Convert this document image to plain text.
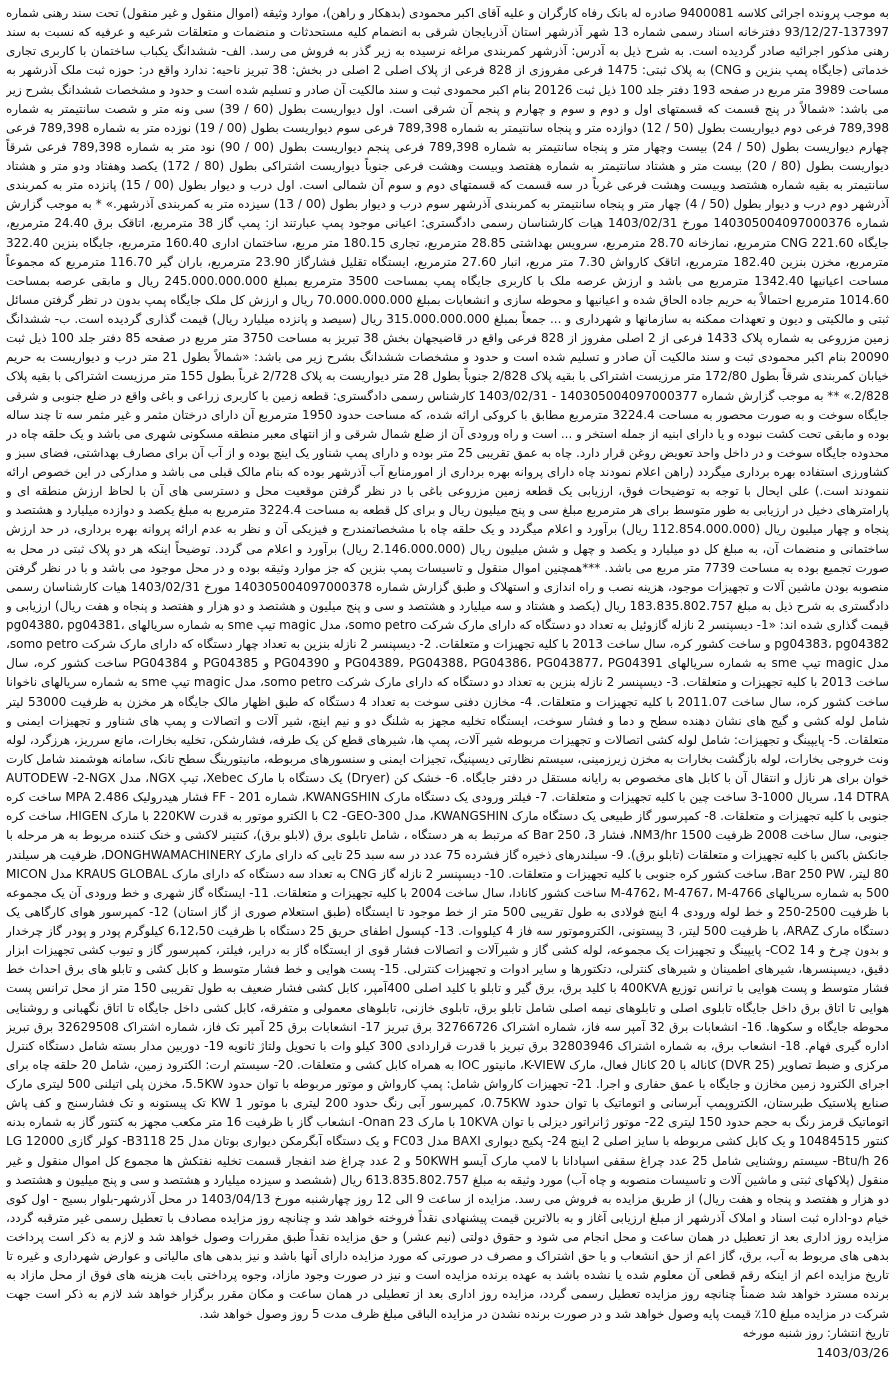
به موجب پرونده اجرائی کلاسه 9400081 صادره له بانک رفاه کارگران و علیه آقای اکبر محمودی (بدهکار و راهن)، موارد وثیقه (اموال منقول و غیر منقول) تحت سند رهنی شماره 137397-93/12/27 دفترخانه اسناد رسمی شماره 13 شهر آذرشهر استان آذربایجان شرقی به انضمام کلیه مستحدثات و منضمات و متعلقات شرعیه و عرفیه که نسبت به سند رهنی مذکور اجرائیه صادر گردیده است. به شرح ذیل به آدرس: آذرشهر کمربندی مراغه نرسیده به زیر گذر به فروش می رسد. الف- ششدانگ یکباب ساختمان با کاربری تجاری خدماتی (جایگاه پمپ بنزین و CNG) به پلاک ثبتی: 1475 فرعی مفروزی از 828 فرعی از پلاک اصلی 2 اصلی در بخش: 38 تبریز ناحیه: ندارد واقع در: حوزه ثبت ملک آذرشهر به مساحت 3989 متر مربع در صفحه 193 دفتر جلد 100 ذیل ثبت 20126 بنام اکبر محمودی ثبت و سند مالکیت آن صادر و تسلیم شده است و حدود و مشخصات ششدانگ بشرح زیر می باشد: «شمالاً در پنج قسمت که قسمتهای اول و دوم و سوم و چهارم و پنجم آن شرقی است. اول دیواریست بطول (60 / 39) سی ونه متر و شصت سانتیمتر به شماره 789,398 فرعی دوم دیواریست بطول (50 / 12) دوازده متر و پنجاه سانتیمتر به شماره 789,398 فرعی سوم دیواریست بطول (00 / 19) نوزده متر به شماره 789,398 فرعی چهارم دیواریست بطول (50 / 24) بیست وچهار متر و پنجاه سانتیمتر به شماره 789,398 فرعی پنجم دیواریست بطول (00 / 90) نود متر به شماره 789,398 فرعی شرقاً دیواریست بطول (80 / 20) بیست متر و هشتاد سانتیمتر به شماره هفتصد وبیست وهشت فرعی جنوباً دیواریست اشتراکی بطول (80 / 172) یکصد وهفتاد ودو متر و هشتاد سانتیمتر به بقیه شماره هشتصد وبیست وهشت فرعی غرباً در سه قسمت که قسمتهای دوم و سوم آن شمالی است. اول درب و دیوار بطول (00 / 15) پانزده متر به کمربندی آذرشهر دوم درب و دیوار بطول (50 / 4) چهار متر و پنجاه سانتیمتر به کمربندی آذرشهر سوم درب و دیوار بطول (00 / 13) سیزده متر به کمربندی آذرشهر.» * به موجب گزارش شماره 140305004097000376 مورخ 1403/02/31 هیات کارشناسان رسمی دادگستری: اعیانی موجود پمپ عبارتند از: پمپ گاز 38 مترمربع، اتاقک برق 24.40 مترمربع، جایگاه CNG 221.60 مترمربع، نمازخانه 28.70 مترمربع، سرویس بهداشتی 28.85 مترمربع، تجاری 180.15 متر مربع، ساختمان اداری 160.40 مترمربع، جایگاه بنزین 322.40 مترمربع، مخزن بنزین 182.40 مترمربع، اتاقک کارواش 7.30 متر مربع، انبار 27.60 مترمربع، ایستگاه تقلیل فشارگاز 23.90 مترمربع، باران گیر 116.70 مترمربع که مجموعاً مساحت اعیانیها 1342.40 مترمربع می باشد و ارزش عرصه ملک با کاربری جایگاه پمپ بمساحت 3500 مترمربع بمبلغ 245.000.000.000 ریال و مابقی عرصه بمساحت 1014.60 مترمربع احتمالاً به حریم جاده الحاق شده و اعیانیها و محوطه سازی و انشعابات بمبلغ 70.000.000.000 ریال و ارزش کل ملک جایگاه پمپ بدون در نظر گرفتن مسائل ثبتی و مالکیتی و دیون و تعهدات ممکنه به سازمانها و شهرداری و ... جمعاً بمبلغ 315.000.000.000 ریال (سیصد و پانزده میلیارد ریال) قیمت گذاری گردیده است. ب- ششدانگ زمین مزروعی به شماره پلاک 1433 فرعی از 2 اصلی مفروز از 828 فرعی واقع در قاضیجهان بخش 38 تبریز به مساحت 3750 متر مربع در صفحه 85 دفتر جلد 100 ذیل ثبت 20090 بنام اکبر محمودی ثبت و سند مالکیت آن صادر و تسلیم شده است و حدود و مشخصات ششدانگ بشرح زیر می باشد: «شمالاً بطول 21 متر درب و دیواریست به حریم خیابان کمربندی شرقاً بطول 172/80 متر مرزیست اشتراکی با بقیه پلاک 2/828 جنوباً بطول 28 متر دیواریست به پلاک 2/728 غرباً بطول 155 متر مرزیست اشتراکی با بقیه پلاک 2/828.» ** به موجب گزارش شماره 140305004097000377 - 1403/02/31 کارشناس رسمی دادگستری: قطعه زمین با کاربری زراعی و باغی واقع در ضلع جنوبی و شرقی جایگاه سوخت و به صورت محصور به مساحت 3224.4 مترمربع مطابق با کروکی ارائه شده، که مساحت حدود 1950 مترمربع آن دارای درختان مثمر و غیر مثمر سه تا چند ساله بوده و مابقی تحت کشت نبوده و یا دارای ابنیه از جمله استخر و ... است و راه ورودی آن از ضلع شمال شرقی و از انتهای معبر منطقه مسکونی شهری می باشد و یک حلقه چاه در محدوده جایگاه سوخت و در داخل واحد تعویض روغن قرار دارد. چاه به عمق تقریبی 25 متر بوده و دارای پمپ شناور یک اینچ بوده و از آب آن برای مصارف بهداشتی، فضای سبز و کشاورزی استفاده بهره برداری میگردد (راهن اعلام نمودند چاه دارای پروانه بهره برداری از امورمنابع آب آذرشهر بوده که بنام مالک قبلی می باشد و مدارکی در این خصوص ارائه ننمودند است.) علی ایحال با توجه به توضیحات فوق، ارزیابی یک قطعه زمین مزروعی باغی با در نظر گرفتن موقعیت محل و دسترسی های آن با لحاظ ارزش منطقه ای و پارامترهای دخیل در ارزیابی به طور متوسط برای هر مترمربع مبلغ سی و پنج میلیون ریال و برای کل قطعه به مساحت 3224.4 مترمربع به مبلغ یکصد و دوازده میلیارد و هشتصد و پنجاه و چهار میلیون ریال (112.854.000.000 ریال) برآورد و اعلام میگردد و یک حلقه چاه با مشخصاتمندرج و فیزیکی آن و نظر به عدم ارائه پروانه بهره برداری، در حد ارزش ساختمانی و منضمات آن، به مبلغ کل دو میلیارد و یکصد و چهل و شش میلیون ریال (2.146.000.000 ریال) برآورد و اعلام می گردد. توضیحاً اینکه هر دو پلاک ثبتی در محل به صورت تجمیع بوده به مساحت 7739 متر مربع می باشد. ***همچنین اموال منقول و تاسیسات پمپ بنزین که جز موارد وثیقه بوده و در محل موجود می باشد و با در نظر گرفتن منصوبه بودن ماشین آلات و تجهیزات موجود، هزینه نصب و راه اندازی و استهلاک و طبق گزارش شماره 140305004097000378 مورخ 1403/02/31 هیات کارشناسان رسمی دادگستری به شرح ذیل به مبلغ 183.835.802.757 ریال (یکصد و هشتاد و سه میلیارد و هشتصد و سی و پنج میلیون و هشتصد و دو هزار و هفتصد و پنجاه و هفت ریال) ارزیابی و قیمت گذاری شده اند: «1- دیسپنسر 2 نازله گازوئیل به تعداد دو دستگاه که دارای مارک شرکت somo petro، مدل magic تیپ sme به شماره سریالهای pg04380، pg04381، pg04383، pg04382 و ساخت کشور کره، سال ساخت 2013 با کلیه تجهیزات و متعلقات. 2- دیسپنسر 2 نازله بنزین به تعداد چهار دستگاه که دارای مارک شرکت somo petro، مدل magic تیپ sme به شماره سریالهای PG04389، PG04388، PG04386، PG043877، PG04391 و PG04390 و PG04385 و PG04384 ساخت کشور کره، سال ساخت 2013 با کلیه تجهیزات و متعلقات. 3- دیسپنسر 2 نازله بنزین به تعداد دو دستگاه که دارای مارک شرکت somo petro، مدل magic تیپ sme به شماره سریالهای ناخوانا ساخت کشور کره، سال ساخت 2011.07 با کلیه تجهیزات و متعلقات. 4- مخازن دفنی سوخت به تعداد 4 دستگاه که طبق اظهار مالک جایگاه هر مخزن به ظرفیت 53000 لیتر شامل لوله کشی و گیج های نشان دهنده سطح و دما و فشار سوخت، ایستگاه تخلیه مجهز به شلنگ دو و نیم اینچ، شیر آلات و اتصالات و پمپ های شناور و تجهیزات ایمنی و متعلقات. 5- پایپینگ و تجهیزات: شامل لوله کشی اتصالات و تجهیزات مربوطه شیر آلات، پمپ ها، شیرهای قطع کن یک طرفه، فشارشکن، تخلیه بخارات، مانع سرریز، هرزگرد، لوله ونت خروجی بخارات، لوله بازگشت بخارات به مخزن زیرزمینی، سیستم نظارتی دیسپنیگ، تجیزات ایمنی و سنسورهای مربوطه، مانیتورینگ سطح تانک، سامانه هوشمند شامل کارت خوان برای هر نازل و انتقال آن با کابل های مخصوص به رایانه مستقل در دفتر جایگاه. 6- خشک کن (Dryer) یک دستگاه با مارک Xebec، تیپ NGX، مدل AUTODEW -2-NGX 14 DTRA، سریال 1000-3 ساخت چین با کلیه تجهیزات و متعلقات. 7- فیلتر ورودی یک دستگاه مارک KWANGSHIN، شماره 201 - FF فشار هیدرولیک MPA 2.486 ساخت کره جنوبی با کلیه تجهیزات و متعلقات. 8- کمپرسور گاز طبیعی یک دستگاه مارک KWANGSHIN، مدل 300-C2 -GEO با الکترو موتور به قدرت 220KW با مارک HIGEN، ساخت کره جنوبی، سال ساخت 2008 ظرفیت 1500 NM3/hr، فشار 3، Bar 250 که مرتبط به هر دستگاه ، شامل تابلوی برق (لابلو برق)، کنتینر لاکشی و خنک کننده مربوط به هر مرحله با جانکش باکس با کلیه تجهیزات و متعلقات (تابلو برق). 9- سیلندرهای ذخیره گاز فشرده 75 عدد در سه سبد 25 تایی که دارای مارک DONGHWAMACHINERY، ظرفیت هر سیلندر 80 لیتر، Bar 250 PW، ساخت کشور کره جنوبی با کلیه تجهیزات و متعلقات. 10- دیسپنسر 2 نازله گاز CNG به تعداد سه دستگاه که دارای مارک KRAUS GLOBAL مدل MICON 500 به شماره سریالهای M-4762، M-4767، M-4766 ساخت کشور کانادا، سال ساخت 2004 با کلیه تجهیزات و متعلقات. 11- ایستگاه گاز شهری و خط ورودی آن یک مجموعه با ظرفیت 2500-250 و خط لوله ورودی 4 اینچ فولادی به طول تقریبی 500 متر از خط موجود تا ایستگاه (طبق استعلام صوری از گاز استان) 12- کمپرسور هوای کارگاهی یک دستگاه مارک ARAZ، با ظرفیت 500 لیتر، 3 پیستونی، الکتروموتور سه فاز 4 کیلووات. 13- کپسول اطفای حریق 25 دستگاه با ظرفیت 6،12،50 کیلوگرم پودر و پودر گاز چرخدار و بدون چرخ و 14 CO2- پایپینگ و تجهیزات یک مجموعه، لوله کشی گاز و شیرآلات و اتصالات فشار قوی از ایستگاه گاز به درایر، فیلتر، کمپرسور گاز و تیوب کشی تجهیزات ابزار دقیق، دیسپنسرها، شیرهای اطمینان و شیرهای کنترلی، دتکتورها و سایر ادوات و تجهیزات کنترلی. 15- پست هوایی و خط فشار متوسط و کابل کشی و تابلو های برق احداث خط فشار متوسط و پست هوایی با ترانس توزیع 400KVA با کلید برق، برق گیر و تابلو با کلید اصلی 400آمپر، کابل کشی فشار ضعیف به طول تقریبی 150 متر از محل ترانس پست هوایی تا اتاق برق داخل جایگاه تابلوی اصلی و تابلوهای نیمه اصلی شامل تابلو برق، تابلوی خازنی، تابلوهای معمولی و متفرقه، کابل کشی داخل جایگاه تا اتاق نگهبانی و روشنایی محوطه جایگاه و سکوها. 16- انشعابات برق 32 آمپر سه فاز، شماره اشتراک 32766726 برق تبریز 17- انشعابات برق 25 آمپر تک فاز، شماره اشتراک 32629508 برق تبریز اداره گیری فهام. 18- انشعاب برق، به شماره اشتراک 32803946 برق تبریز با قدرت قراردادی 300 کیلو وات با تحویل ولتاژ ثانویه 19- دوربین مدار بسته شامل دستگاه کنترل مرکزی و ضبط تصاویر (DVR 25) کاناله با 20 کانال فعال، مارک K-VIEW، مانیتور IOC به همراه کابل کشی و متعلقات. 20- سیستم ارت: الکترود زمین، شامل 20 حلقه چاه برای اجرای الکترود زمین مخازن و جایگاه با عمق حفاری و اجرا. 21- تجهیزات کارواش شامل: پمپ کارواش و موتور مربوطه با توان حدود 5.5KW، مخزن پلی اتیلنی 500 لیتری مارک صنایع پلاستیک طبرستان، الکتروپمپ آبرسانی و اتوماتیک با توان حدود 0.75KW، کمپرسور آبی رنگ حدود 200 لیتری با موتور 1 KW تک پیستونه و تک فشارسنج و کف پاش اتوماتیک قرمز رنگ به حجم حدود 150 لیتری 22- موتور ژانراتور دیزلی با توان 10KVA با مارک Onan 23- انشعاب گاز با ظرفیت 16 متر مکعب مجهز به کنتور گاز به شماره بدنه کنتور 10484515 و یک کابل کشی مربوطه با سایز اصلی 2 اینچ 24- پکیج دیواری BAXI مدل FC03 و یک دستگاه آبگرمکن دیواری بوتان مدل B3118 25- کولر گازی LG 12000 Btu/h 26- سیستم روشنایی شامل 25 عدد چراغ سقفی اسپادانا با لامپ مارک آیسو 50KWH و 2 عدد چراغ ضد انفجار قسمت تخلیه نفتکش ها مجموع کل اموال منقول و غیر منقول (پلاکهای ثبتی و ماشین آلات و تاسیسات منصوبه و چاه آب) مورد وثیقه به مبلغ 613.835.802.757 ریال (ششصد و سیزده میلیارد و هشتصد و سی و پنج میلیون و هشتصد و دو هزار و هفتصد و پنجاه و هفت ریال) از طریق مزایده به فروش می رسد. مزایده از ساعت 9 الی 12 روز چهارشنبه مورخ 1403/04/13 در محل آذرشهر-بلوار بسیج - اول کوی خیام دو-اداره ثبت اسناد و املاک آذرشهر از مبلغ ارزیابی آغاز و به بالاترین قیمت پیشنهادی نقداً فروخته خواهد شد و چنانچه روز مزایده مصادف با تعطیل رسمی غیر مترقبه گردد، مزایده روز اداری بعد از تعطیل در همان ساعت و محل انجام می شود و حقوق دولتی (نیم عشر) و حق مزایده نقداً طبق مقررات وصول خواهد شد و لازم به ذکر است پرداخت بدهی های مربوط به آب، برق، گاز اعم از حق انشعاب و یا حق اشتراک و مصرف در صورتی که مورد مزایده دارای آنها باشد و نیز بدهی های مالیاتی و عوارض شهرداری و غیره تا تاریخ مزایده اعم از اینکه رقم قطعی آن معلوم شده یا نشده باشد به عهده برنده مزایده است و نیز در صورت وجود مازاد، وجوه پرداختی بابت هزینه های فوق از محل مازاد به برنده مسترد خواهد شد ضمناً چنانچه روز مزایده تعطیل رسمی گردد، مزایده روز اداری بعد از تعطیلی در همان ساعت و مکان مقرر برگزار خواهد شد لازم به ذکر است جهت شرکت در مزایده مبلغ 10٪ قیمت پایه وصول خواهد شد و در صورت برنده نشدن در مزایده الباقی مبلغ ظرف مدت 5 روز وصول خواهد شد.

تاریخ انتشار: روز شنبه مورخه
1403/03/26
